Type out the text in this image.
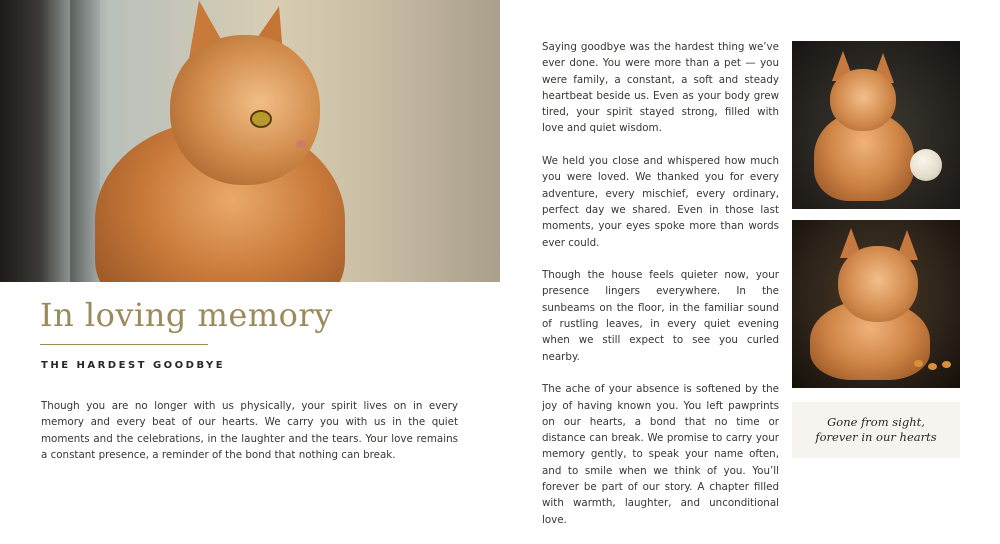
In loving memory
THE HARDEST GOODBYE

Though you are no longer with us physically, your spirit lives on in every memory and every beat of our hearts. We carry you with us in the quiet moments and the celebrations, in the laughter and the tears. Your love remains a constant presence, a reminder of the bond that nothing can break.

Saying goodbye was the hardest thing we’ve ever done. You were more than a pet — you were family, a constant, a soft and steady heartbeat beside us. Even as your body grew tired, your spirit stayed strong, filled with love and quiet wisdom.

We held you close and whispered how much you were loved. We thanked you for every adventure, every mischief, every ordinary, perfect day we shared. Even in those last moments, your eyes spoke more than words ever could.

Though the house feels quieter now, your presence lingers everywhere. In the sunbeams on the floor, in the familiar sound of rustling leaves, in every quiet evening when we still expect to see you curled nearby.

The ache of your absence is softened by the joy of having known you. You left pawprints on our hearts, a bond that no time or distance can break. We promise to carry your memory gently, to speak your name often, and to smile when we think of you. You’ll forever be part of our story. A chapter filled with warmth, laughter, and unconditional love.

Gone from sight,
forever in our hearts
